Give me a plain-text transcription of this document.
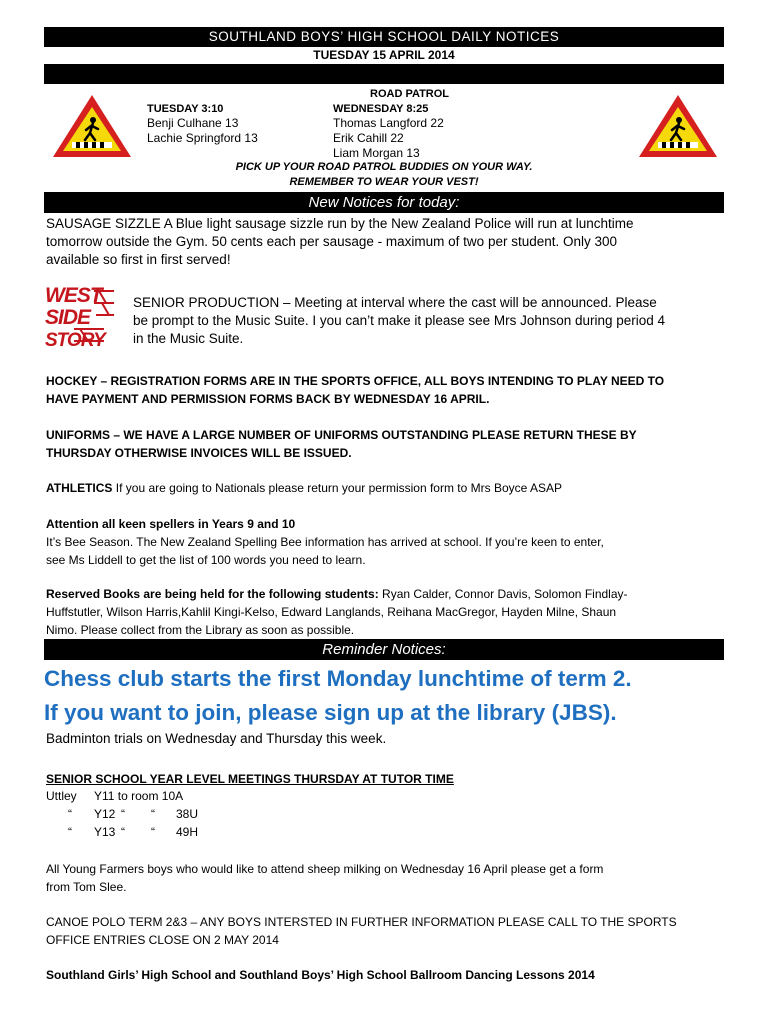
SOUTHLAND BOYS’ HIGH SCHOOL DAILY NOTICES
TUESDAY 15 APRIL 2014
ROAD PATROL
TUESDAY 3:10
Benji Culhane 13
Lachie Springford 13
WEDNESDAY 8:25
Thomas Langford 22
Erik Cahill 22
Liam Morgan 13
PICK UP YOUR ROAD PATROL BUDDIES ON YOUR WAY.
REMEMBER TO WEAR YOUR VEST!
New Notices for today:
SAUSAGE SIZZLE A Blue light sausage sizzle run by the New Zealand Police will run at lunchtime
tomorrow outside the Gym. 50 cents each per sausage - maximum of two per student. Only 300
available so first in first served!
WEST
SIDE
STORY
SENIOR PRODUCTION – Meeting at interval where the cast will be announced. Please
be prompt to the Music Suite. I you can’t make it please see Mrs Johnson during period 4
in the Music Suite.
HOCKEY – REGISTRATION FORMS ARE IN THE SPORTS OFFICE, ALL BOYS INTENDING TO PLAY NEED TO
HAVE PAYMENT AND PERMISSION FORMS BACK BY WEDNESDAY 16 APRIL.
UNIFORMS – WE HAVE A LARGE NUMBER OF UNIFORMS OUTSTANDING PLEASE RETURN THESE BY
THURSDAY OTHERWISE INVOICES WILL BE ISSUED.
ATHLETICS If you are going to Nationals please return your permission form to Mrs Boyce ASAP
Attention all keen spellers in Years 9 and 10
It’s Bee Season. The New Zealand Spelling Bee information has arrived at school. If you’re keen to enter,
see Ms Liddell to get the list of 100 words you need to learn.
Reserved Books are being held for the following students: Ryan Calder, Connor Davis, Solomon Findlay-
Huffstutler, Wilson Harris,Kahlil Kingi-Kelso, Edward Langlands, Reihana MacGregor, Hayden Milne, Shaun
Nimo. Please collect from the Library as soon as possible.
Reminder Notices:
Chess club starts the first Monday lunchtime of term 2.
If you want to join, please sign up at the library (JBS).
Badminton trials on Wednesday and Thursday this week.
SENIOR SCHOOL YEAR LEVEL MEETINGS THURSDAY AT TUTOR TIME
Uttley Y11 to room 10A
“ Y12 “ “ 38U
“ Y13 “ “ 49H
All Young Farmers boys who would like to attend sheep milking on Wednesday 16 April please get a form
from Tom Slee.
CANOE POLO TERM 2&3 – ANY BOYS INTERSTED IN FURTHER INFORMATION PLEASE CALL TO THE SPORTS
OFFICE ENTRIES CLOSE ON 2 MAY 2014
Southland Girls’ High School and Southland Boys’ High School Ballroom Dancing Lessons 2014
